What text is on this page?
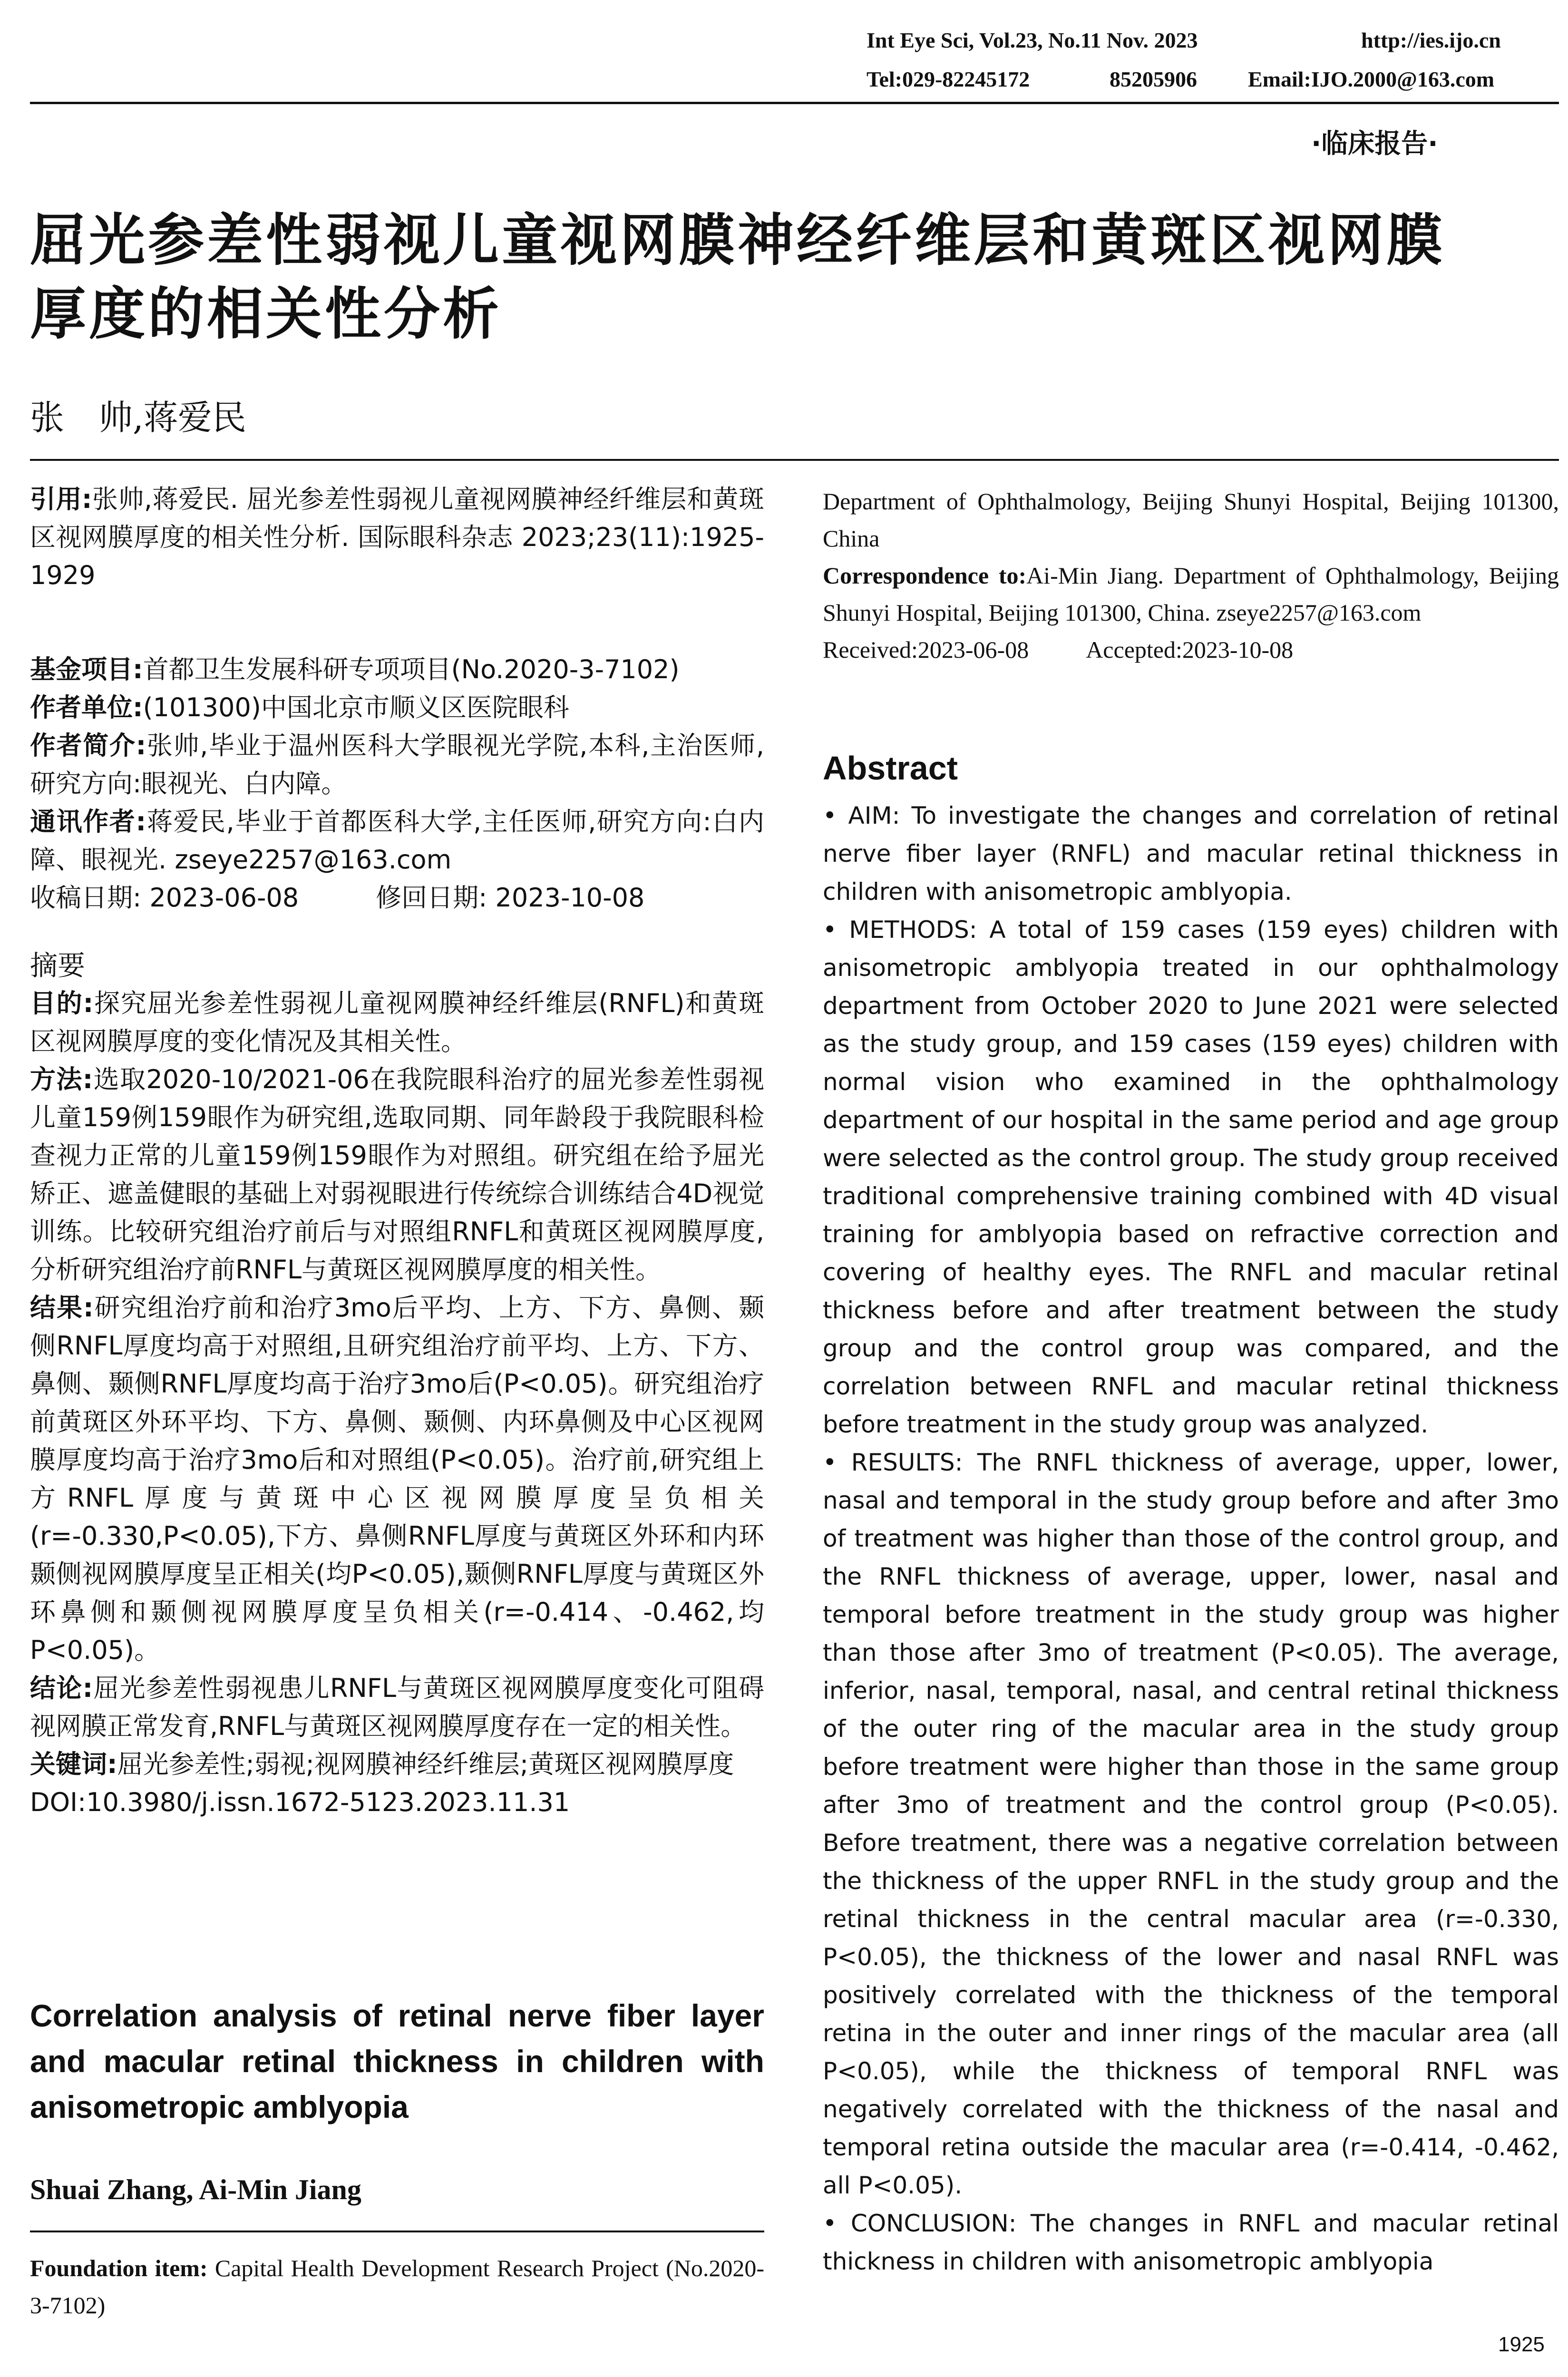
Int Eye Sci, Vol.23, No.11 Nov. 2023	http://ies.ijo.cn
Tel:029-82245172	85205906 Email:IJO.2000@163.com
·临床报告·
屈光参差性弱视儿童视网膜神经纤维层和黄斑区视网膜
厚度的相关性分析
张　帅,蒋爱民

引用:张帅,蒋爱民. 屈光参差性弱视儿童视网膜神经纤维层和黄斑区视网膜厚度的相关性分析. 国际眼科杂志 2023;23(11):1925-1929

基金项目:首都卫生发展科研专项项目(No.2020-3-7102)

作者单位:(101300)中国北京市顺义区医院眼科

作者简介:张帅,毕业于温州医科大学眼视光学院,本科,主治医师,研究方向:眼视光、白内障。

通讯作者:蒋爱民,毕业于首都医科大学,主任医师,研究方向:白内障、眼视光. zseye2257@163.com

收稿日期: 2023-06-08　　　修回日期: 2023-10-08

摘要

目的:探究屈光参差性弱视儿童视网膜神经纤维层(RNFL)和黄斑区视网膜厚度的变化情况及其相关性。

方法:选取2020-10/2021-06在我院眼科治疗的屈光参差性弱视儿童159例159眼作为研究组,选取同期、同年龄段于我院眼科检查视力正常的儿童159例159眼作为对照组。研究组在给予屈光矫正、遮盖健眼的基础上对弱视眼进行传统综合训练结合4D视觉训练。比较研究组治疗前后与对照组RNFL和黄斑区视网膜厚度,分析研究组治疗前RNFL与黄斑区视网膜厚度的相关性。

结果:研究组治疗前和治疗3mo后平均、上方、下方、鼻侧、颞侧RNFL厚度均高于对照组,且研究组治疗前平均、上方、下方、鼻侧、颞侧RNFL厚度均高于治疗3mo后(P<0.05)。研究组治疗前黄斑区外环平均、下方、鼻侧、颞侧、内环鼻侧及中心区视网膜厚度均高于治疗3mo后和对照组(P<0.05)。治疗前,研究组上方RNFL厚度与黄斑中心区视网膜厚度呈负相关(r=-0.330,P<0.05),下方、鼻侧RNFL厚度与黄斑区外环和内环颞侧视网膜厚度呈正相关(均P<0.05),颞侧RNFL厚度与黄斑区外环鼻侧和颞侧视网膜厚度呈负相关(r=-0.414、-0.462,均P<0.05)。

结论:屈光参差性弱视患儿RNFL与黄斑区视网膜厚度变化可阻碍视网膜正常发育,RNFL与黄斑区视网膜厚度存在一定的相关性。

关键词:屈光参差性;弱视;视网膜神经纤维层;黄斑区视网膜厚度

DOI:10.3980/j.issn.1672-5123.2023.11.31

Correlation analysis of retinal nerve fiber layer and macular retinal thickness in children with anisometropic amblyopia
Shuai Zhang, Ai-Min Jiang
Foundation item: Capital Health Development Research Project (No.2020-3-7102)

Department of Ophthalmology, Beijing Shunyi Hospital, Beijing 101300, China

Correspondence to:Ai-Min Jiang. Department of Ophthalmology, Beijing Shunyi Hospital, Beijing 101300, China. zseye2257@163.com

Received:2023-06-08 Accepted:2023-10-08

Abstract

• AIM: To investigate the changes and correlation of retinal nerve fiber layer (RNFL) and macular retinal thickness in children with anisometropic amblyopia.

• METHODS: A total of 159 cases (159 eyes) children with anisometropic amblyopia treated in our ophthalmology department from October 2020 to June 2021 were selected as the study group, and 159 cases (159 eyes) children with normal vision who examined in the ophthalmology department of our hospital in the same period and age group were selected as the control group. The study group received traditional comprehensive training combined with 4D visual training for amblyopia based on refractive correction and covering of healthy eyes. The RNFL and macular retinal thickness before and after treatment between the study group and the control group was compared, and the correlation between RNFL and macular retinal thickness before treatment in the study group was analyzed.

• RESULTS: The RNFL thickness of average, upper, lower, nasal and temporal in the study group before and after 3mo of treatment was higher than those of the control group, and the RNFL thickness of average, upper, lower, nasal and temporal before treatment in the study group was higher than those after 3mo of treatment (P<0.05). The average, inferior, nasal, temporal, nasal, and central retinal thickness of the outer ring of the macular area in the study group before treatment were higher than those in the same group after 3mo of treatment and the control group (P<0.05). Before treatment, there was a negative correlation between the thickness of the upper RNFL in the study group and the retinal thickness in the central macular area (r=-0.330, P<0.05), the thickness of the lower and nasal RNFL was positively correlated with the thickness of the temporal retina in the outer and inner rings of the macular area (all P<0.05), while the thickness of temporal RNFL was negatively correlated with the thickness of the nasal and temporal retina outside the macular area (r=-0.414, -0.462, all P<0.05).

• CONCLUSION: The changes in RNFL and macular retinal thickness in children with anisometropic amblyopia

1925
